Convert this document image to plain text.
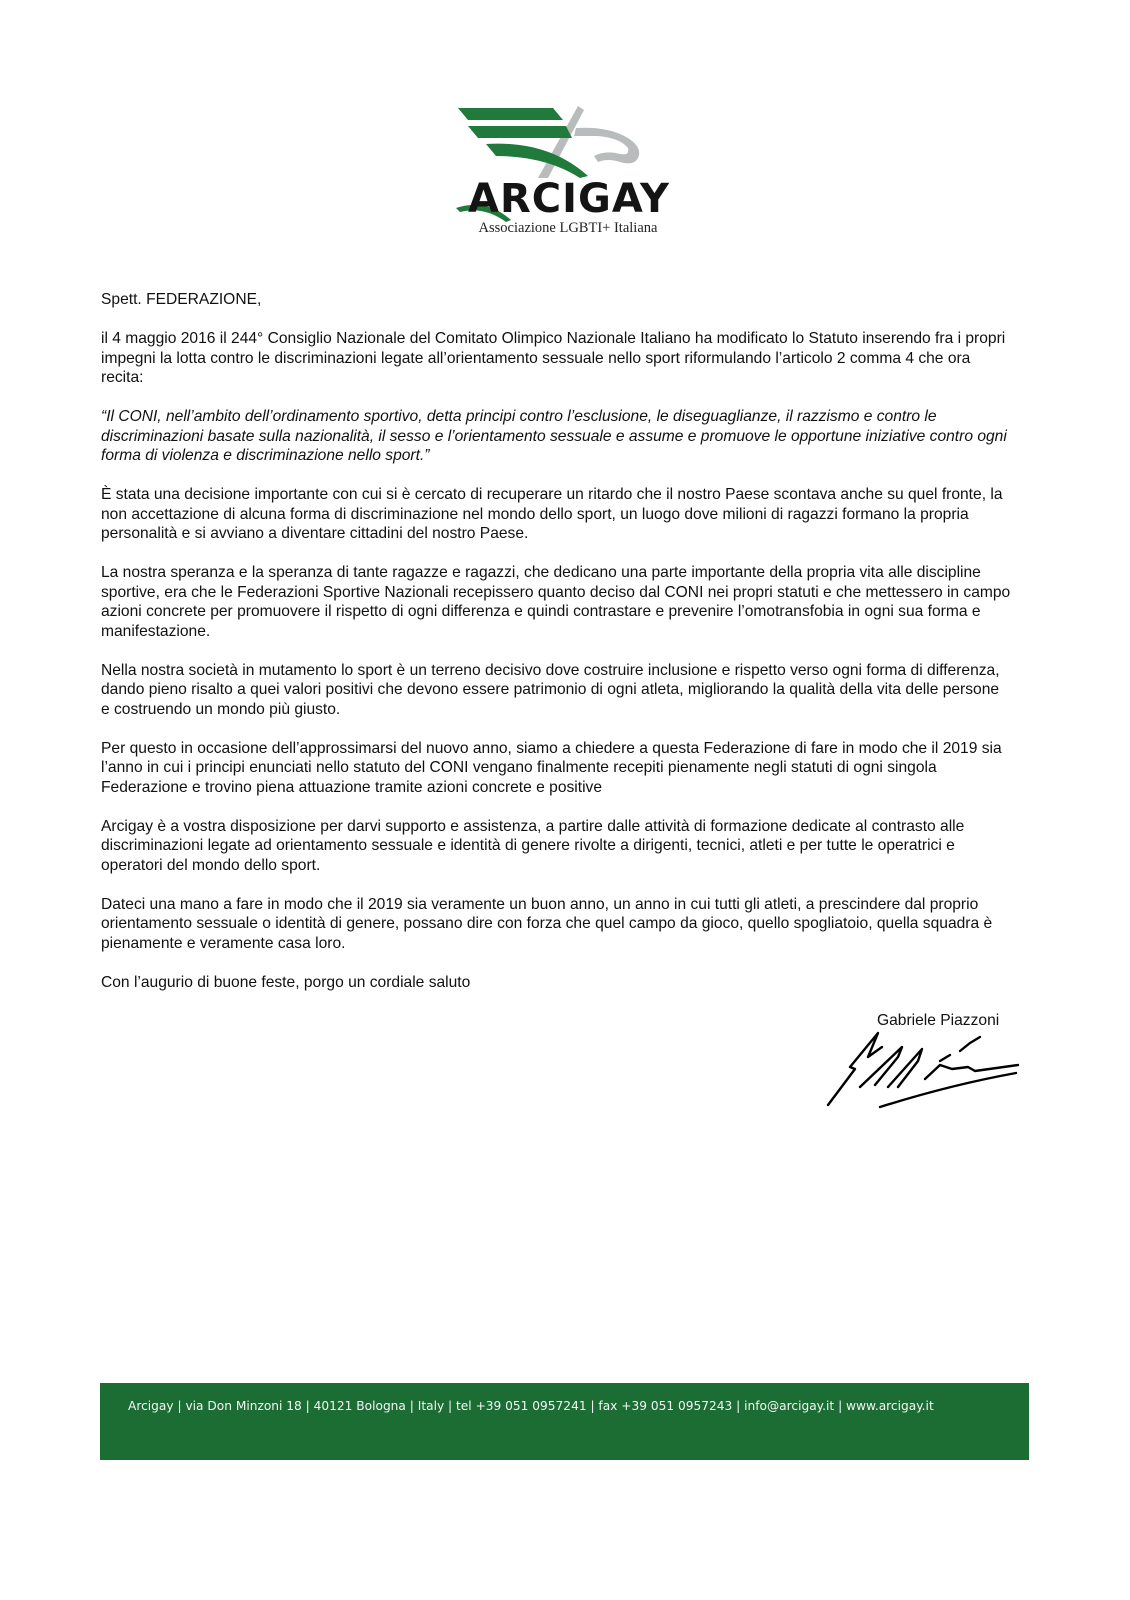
ARCIGAY
Associazione LGBTI+ Italiana

Spett. FEDERAZIONE,

il 4 maggio 2016 il 244° Consiglio Nazionale del Comitato Olimpico Nazionale Italiano ha modificato lo Statuto inserendo fra i propri impegni la lotta contro le discriminazioni legate all’orientamento sessuale nello sport riformulando l’articolo 2 comma 4 che ora recita:

“Il CONI, nell’ambito dell’ordinamento sportivo, detta principi contro l’esclusione, le diseguaglianze, il razzismo e contro le discriminazioni basate sulla nazionalità, il sesso e l’orientamento sessuale e assume e promuove le opportune iniziative contro ogni forma di violenza e discriminazione nello sport.”

È stata una decisione importante con cui si è cercato di recuperare un ritardo che il nostro Paese scontava anche su quel fronte, la non accettazione di alcuna forma di discriminazione nel mondo dello sport, un luogo dove milioni di ragazzi formano la propria personalità e si avviano a diventare cittadini del nostro Paese.

La nostra speranza e la speranza di tante ragazze e ragazzi, che dedicano una parte importante della propria vita alle discipline sportive, era che le Federazioni Sportive Nazionali recepissero quanto deciso dal CONI nei propri statuti e che mettessero in campo azioni concrete per promuovere il rispetto di ogni differenza e quindi contrastare e prevenire l’omotransfobia in ogni sua forma e manifestazione.

Nella nostra società in mutamento lo sport è un terreno decisivo dove costruire inclusione e rispetto verso ogni forma di differenza, dando pieno risalto a quei valori positivi che devono essere patrimonio di ogni atleta, migliorando la qualità della vita delle persone e costruendo un mondo più giusto.

Per questo in occasione dell’approssimarsi del nuovo anno, siamo a chiedere a questa Federazione di fare in modo che il 2019 sia l’anno in cui i principi enunciati nello statuto del CONI vengano finalmente recepiti pienamente negli statuti di ogni singola Federazione e trovino piena attuazione tramite azioni concrete e positive

Arcigay è a vostra disposizione per darvi supporto e assistenza, a partire dalle attività di formazione dedicate al contrasto alle discriminazioni legate ad orientamento sessuale e identità di genere rivolte a dirigenti, tecnici, atleti e per tutte le operatrici e operatori del mondo dello sport.

Dateci una mano a fare in modo che il 2019 sia veramente un buon anno, un anno in cui tutti gli atleti, a prescindere dal proprio orientamento sessuale o identità di genere, possano dire con forza che quel campo da gioco, quello spogliatoio, quella squadra è pienamente e veramente casa loro.

Con l’augurio di buone feste, porgo un cordiale saluto

Gabriele Piazzoni
Arcigay | via Don Minzoni 18 | 40121 Bologna | Italy | tel +39 051 0957241 | fax +39 051 0957243 | info@arcigay.it | www.arcigay.it
